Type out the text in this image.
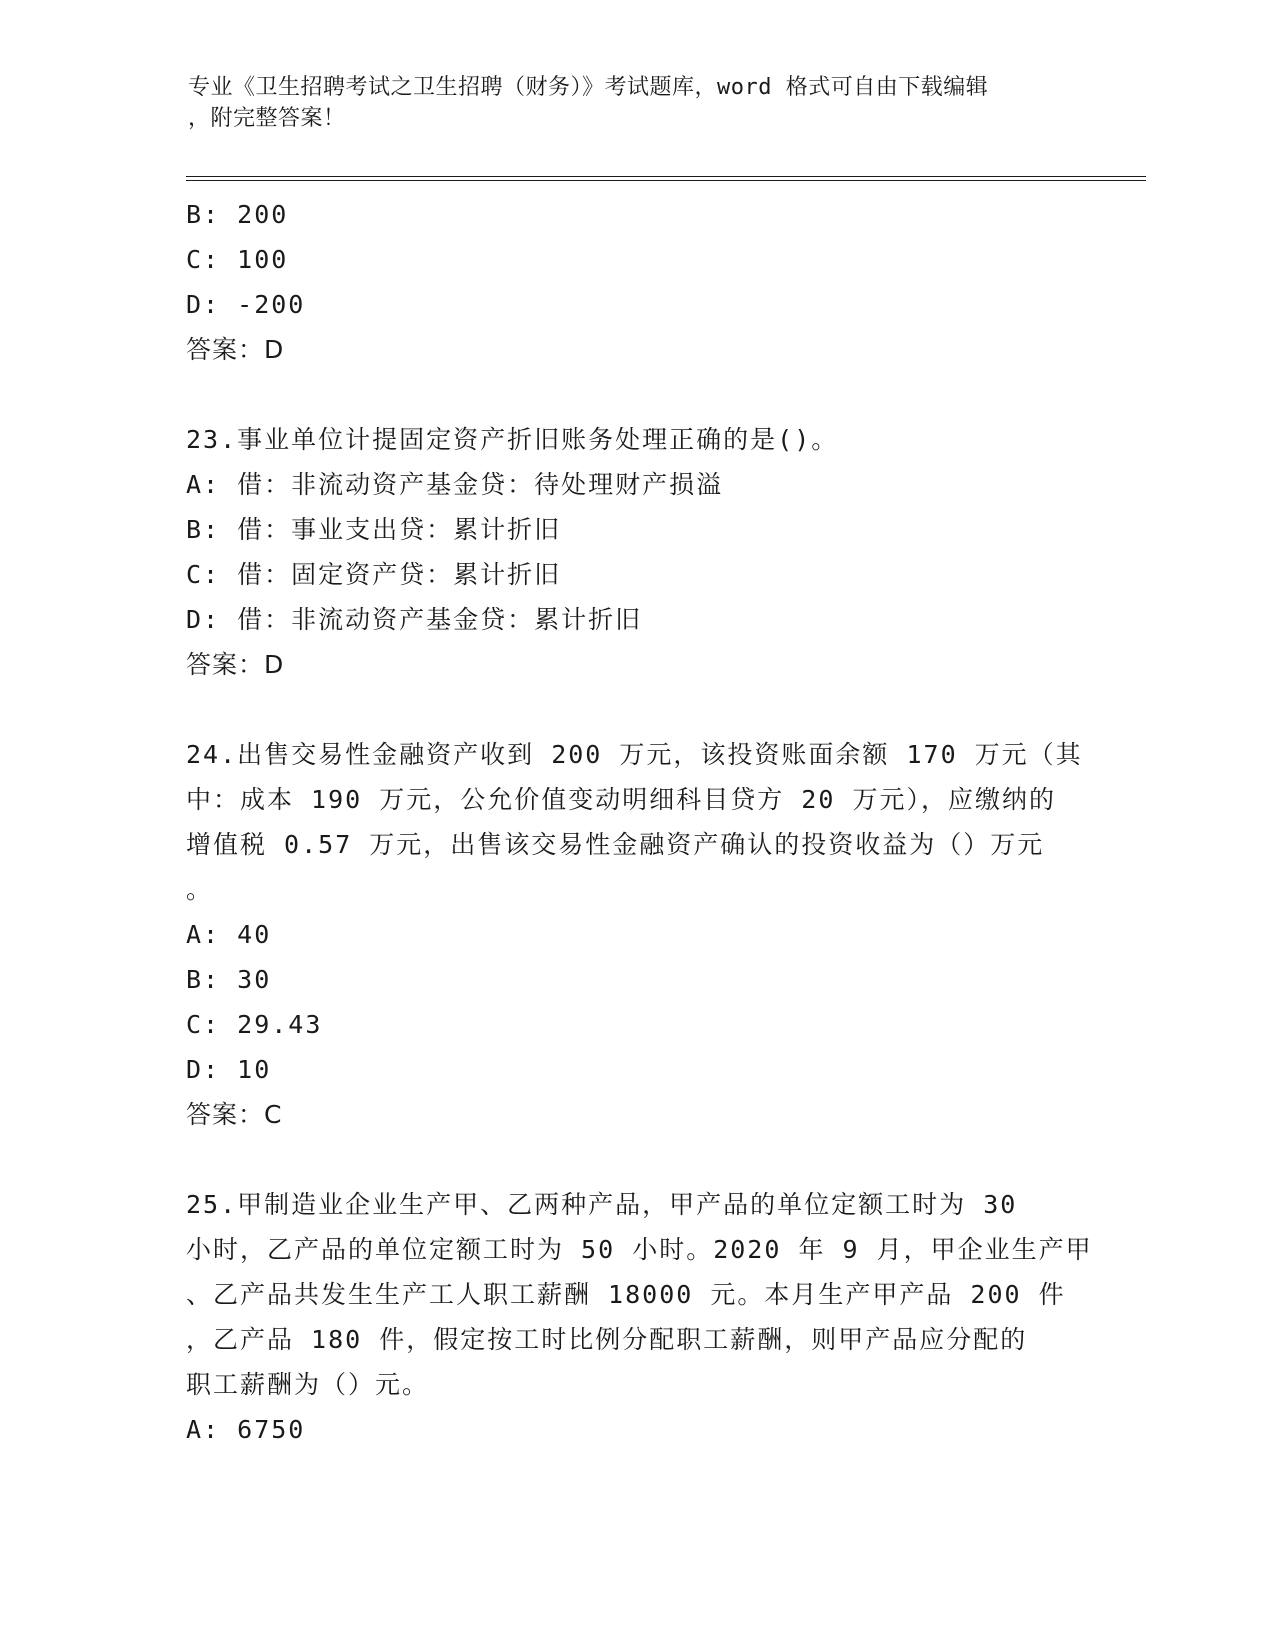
专业《卫生招聘考试之卫生招聘（财务）》考试题库，word 格式可自由下载编辑
，附完整答案！
B: 200
C: 100
D: -200
答案：D
23.事业单位计提固定资产折旧账务处理正确的是()。
A: 借：非流动资产基金贷：待处理财产损溢
B: 借：事业支出贷：累计折旧
C: 借：固定资产贷：累计折旧
D: 借：非流动资产基金贷：累计折旧
答案：D
24.出售交易性金融资产收到 200 万元，该投资账面余额 170 万元（其
中：成本 190 万元，公允价值变动明细科目贷方 20 万元），应缴纳的
增值税 0.57 万元，出售该交易性金融资产确认的投资收益为（）万元
。
A: 40
B: 30
C: 29.43
D: 10
答案：C
25.甲制造业企业生产甲、乙两种产品，甲产品的单位定额工时为 30
小时，乙产品的单位定额工时为 50 小时。2020 年 9 月，甲企业生产甲
、乙产品共发生生产工人职工薪酬 18000 元。本月生产甲产品 200 件
，乙产品 180 件，假定按工时比例分配职工薪酬，则甲产品应分配的
职工薪酬为（）元。
A: 6750
